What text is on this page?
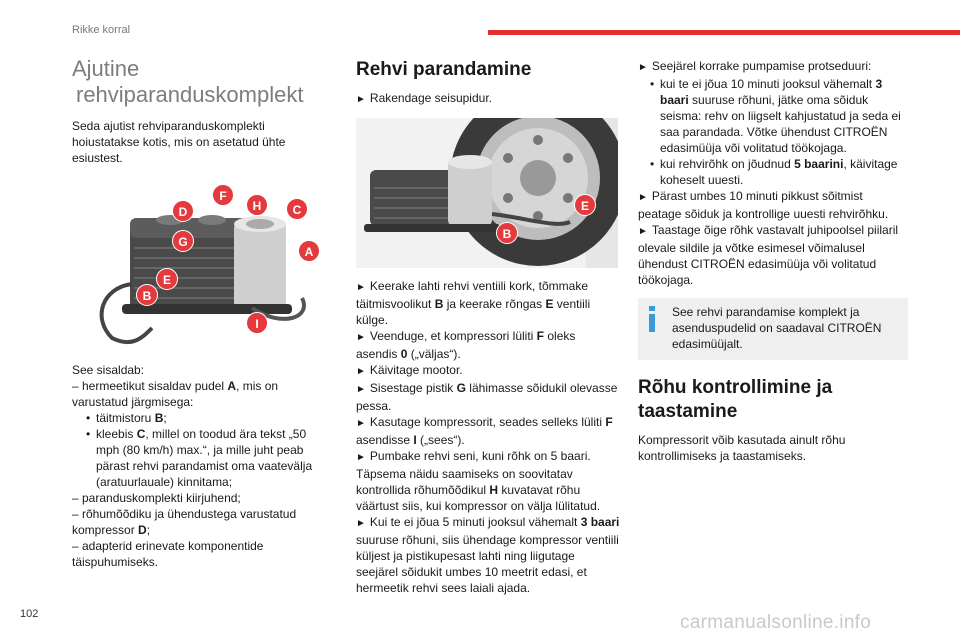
Rikke korral
Ajutine
rehviparanduskomplekt

Seda ajutist rehviparanduskomplekti hoiustatakse kotis, mis on asetatud ühte esiustest.

F
D	H	C
G
A
E
B
I

See sisaldab:

– hermeetikut sisaldav pudel A, mis on varustatud järgmisega:

• täitmistoru B;
• kleebis C, millel on toodud ära tekst „50 mph (80 km/h) max.“, ja mille juht peab pärast rehvi parandamist oma vaatevälja (aratuurlauale) kinnitama;

– paranduskomplekti kiirjuhend;

– rõhumõõdiku ja ühendustega varustatud kompressor D;

– adapterid erinevate komponentide täispuhumiseks.

Rehvi parandamine

► Rakendage seisupidur.

E
B

► Keerake lahti rehvi ventiili kork, tõmmake täitmisvoolikut B ja keerake rõngas E ventiili külge.

► Veenduge, et kompressori lüliti F oleks asendis 0 („väljas“).

► Käivitage mootor.

► Sisestage pistik G lähimasse sõidukil olevasse pessa.

► Kasutage kompressorit, seades selleks lüliti F asendisse I („sees“).

► Pumbake rehvi seni, kuni rõhk on 5 baari.

Täpsema näidu saamiseks on soovitatav kontrollida rõhumõõdikul H kuvatavat rõhu väärtust siis, kui kompressor on välja lülitatud.

► Kui te ei jõua 5 minuti jooksul vähemalt 3 baari suuruse rõhuni, siis ühendage kompressor ventiili küljest ja pistikupesast lahti ning liigutage seejärel sõidukit umbes 10 meetrit edasi, et hermeetik rehvi sees laiali ajada.

► Seejärel korrake pumpamise protseduuri:

• kui te ei jõua 10 minuti jooksul vähemalt 3 baari suuruse rõhuni, jätke oma sõiduk seisma: rehv on liigselt kahjustatud ja seda ei saa parandada. Võtke ühendust CITROËN edasimüüja või volitatud töökojaga.
• kui rehvirõhk on jõudnud 5 baarini, käivitage koheselt uuesti.

► Pärast umbes 10 minuti pikkust sõitmist peatage sõiduk ja kontrollige uuesti rehvirõhku.

► Taastage õige rõhk vastavalt juhipoolsel piilaril olevale sildile ja võtke esimesel võimalusel ühendust CITROËN edasimüüja või volitatud töökojaga.

See rehvi parandamise komplekt ja asenduspudelid on saadaval CITROËN edasimüüjalt.

Rõhu kontrollimine ja taastamine

Kompressorit võib kasutada ainult rõhu kontrollimiseks ja taastamiseks.

102	carmanualsonline.info
